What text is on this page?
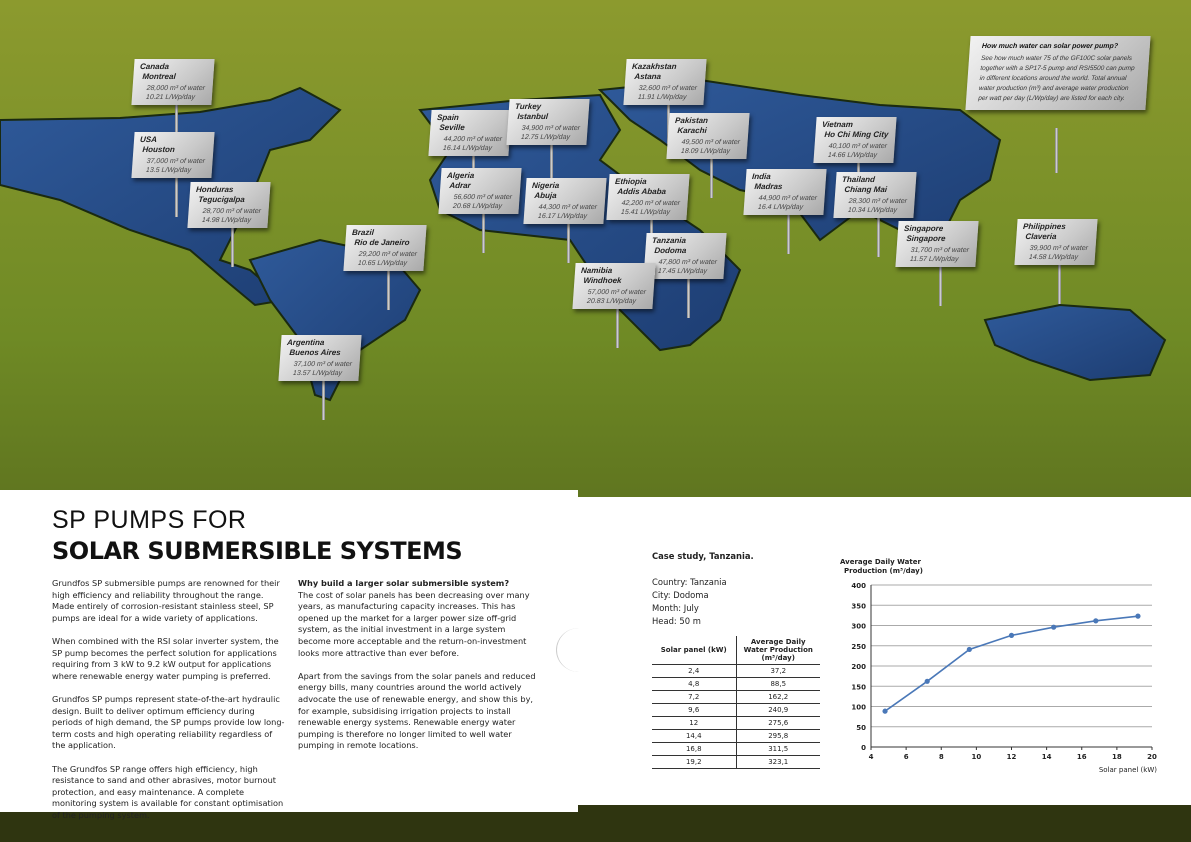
Canada
Montreal
28,000 m³ of water
10.21 L/Wp/day
USA
Houston
37,000 m³ of water
13.5 L/Wp/day
Honduras
Tegucigalpa
28,700 m³ of water
14.98 L/Wp/day
Brazil
Rio de Janeiro
29,200 m³ of water
10.65 L/Wp/day
Argentina
Buenos Aires
37,100 m³ of water
13.57 L/Wp/day
Spain
Seville
44,200 m³ of water
16.14 L/Wp/day
Turkey
Istanbul
34,900 m³ of water
12.75 L/Wp/day
Algeria
Adrar
56,600 m³ of water
20.68 L/Wp/day
Nigeria
Abuja
44,300 m³ of water
16.17 L/Wp/day
Ethiopia
Addis Ababa
42,200 m³ of water
15.41 L/Wp/day
Tanzania
Dodoma
47,800 m³ of water
17.45 L/Wp/day
Namibia
Windhoek
57,000 m³ of water
20.83 L/Wp/day
Kazakhstan
Astana
32,600 m³ of water
11.91 L/Wp/day
Pakistan
Karachi
49,500 m³ of water
18.09 L/Wp/day
India
Madras
44,900 m³ of water
16.4 L/Wp/day
Vietnam
Ho Chi Ming City
40,100 m³ of water
14.66 L/Wp/day
Thailand
Chiang Mai
28,300 m³ of water
10.34 L/Wp/day
Singapore
Singapore
31,700 m³ of water
11.57 L/Wp/day
Philippines
Claveria
39,900 m³ of water
14.58 L/Wp/day
How much water can solar power pump?
See how much water 75 of the GF100C solar panels together with a SP17-5 pump and RSI5500 can pump in different locations around the world. Total annual water production (m³) and average water production per watt per day (L/Wp/day) are listed for each city.
SP PUMPS FOR
SOLAR SUBMERSIBLE SYSTEMS

Grundfos SP submersible pumps are renowned for their high efficiency and reliability throughout the range. Made entirely of corrosion-resistant stainless steel, SP pumps are ideal for a wide variety of applications.

When combined with the RSI solar inverter system, the SP pump becomes the perfect solution for applications requiring from 3 kW to 9.2 kW output for applications where renewable energy water pumping is preferred.

Grundfos SP pumps represent state-of-the-art hydraulic design. Built to deliver optimum efficiency during periods of high demand, the SP pumps provide low long-term costs and high operating reliability regardless of the application.

The Grundfos SP range offers high efficiency, high resistance to sand and other abrasives, motor burnout protection, and easy maintenance. A complete monitoring system is available for constant optimisation of the pumping system.

Why build a larger solar submersible system?

The cost of solar panels has been decreasing over many years, as manufacturing capacity increases. This has opened up the market for a larger power size off-grid system, as the initial investment in a large system become more acceptable and the return-on-investment looks more attractive than ever before.

Apart from the savings from the solar panels and reduced energy bills, many countries around the world actively advocate the use of renewable energy, and show this by, for example, subsidising irrigation projects to install renewable energy systems. Renewable energy water pumping is therefore no longer limited to well water pumping in remote locations.

Case study, Tanzania.
Country: Tanzania
City: Dodoma
Month: July
Head: 50 m
Solar panel (kW)	Average Daily Water Production (m³/day)
2,4	37,2
4,8	88,5
7,2	162,2
9,6	240,9
12	275,6
14,4	295,8
16,8	311,5
19,2	323,1
Average Daily Water Production (m³/day)
0
50
100
150
200
250
300
350
400
4	6	8	10	12	14	16	18	20
Solar panel (kW)
